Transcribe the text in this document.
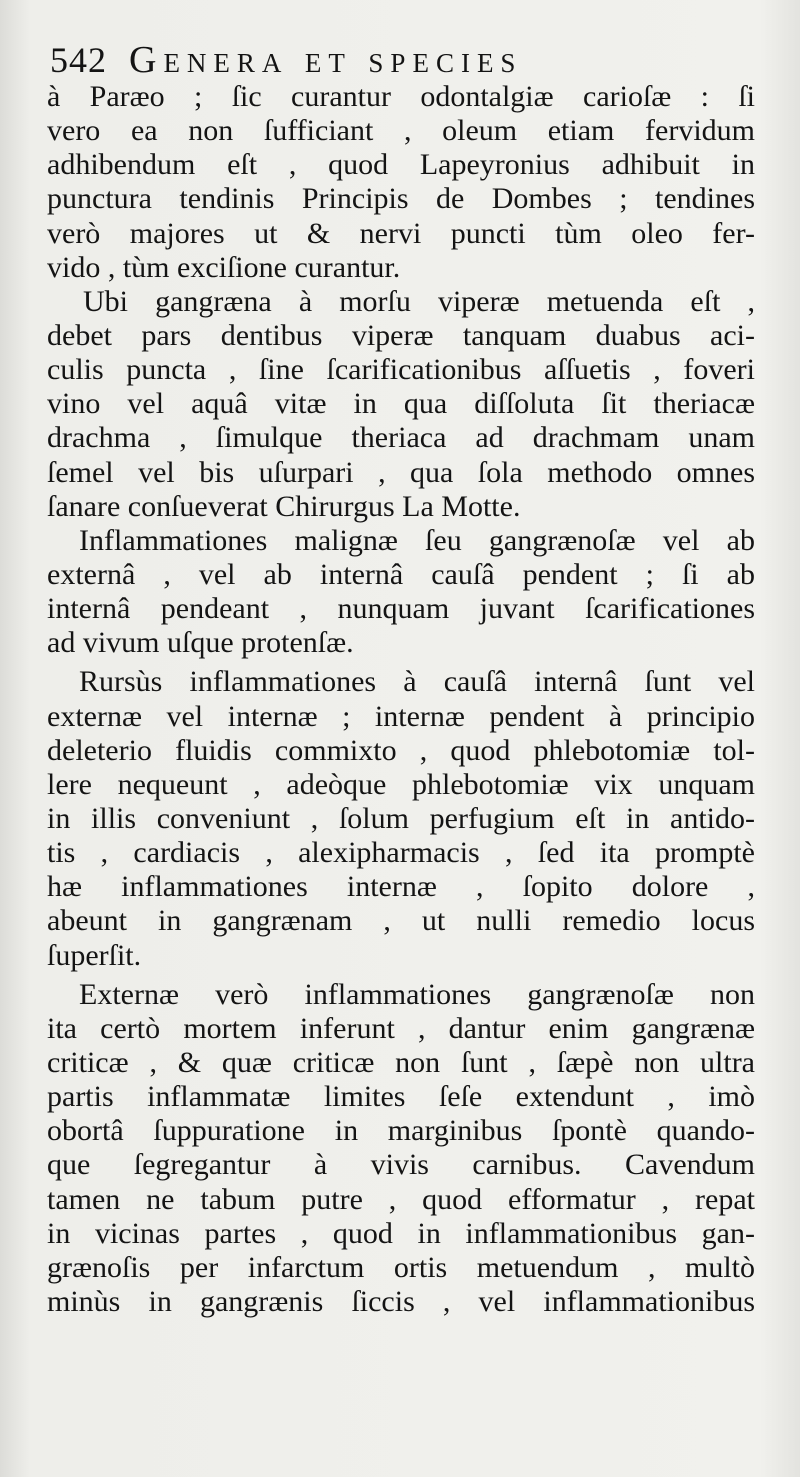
542 Genera et species
à Paræo ; ſic curantur odontalgiæ carioſæ : ſi
vero ea non ſufficiant , oleum etiam fervidum
adhibendum eſt , quod Lapeyronius adhibuit in
punctura tendinis Principis de Dombes ; tendines
verò majores ut & nervi puncti tùm oleo fer-
vido , tùm exciſione curantur.
Ubi gangræna à morſu viperæ metuenda eſt ,
debet pars dentibus viperæ tanquam duabus aci-
culis puncta , ſine ſcarificationibus aſſuetis , foveri
vino vel aquâ vitæ in qua diſſoluta ſit theriacæ
drachma , ſimulque theriaca ad drachmam unam
ſemel vel bis uſurpari , qua ſola methodo omnes
ſanare conſueverat Chirurgus La Motte.
Inflammationes malignæ ſeu gangrænoſæ vel ab
externâ , vel ab internâ cauſâ pendent ; ſi ab
internâ pendeant , nunquam juvant ſcarificationes
ad vivum uſque protenſæ.
Rursùs inflammationes à cauſâ internâ ſunt vel
externæ vel internæ ; internæ pendent à principio
deleterio fluidis commixto , quod phlebotomiæ tol-
lere nequeunt , adeòque phlebotomiæ vix unquam
in illis conveniunt , ſolum perfugium eſt in antido-
tis , cardiacis , alexipharmacis , ſed ita promptè
hæ inflammationes internæ , ſopito dolore ,
abeunt in gangrænam , ut nulli remedio locus
ſuperſit.
Externæ verò inflammationes gangrænoſæ non
ita certò mortem inferunt , dantur enim gangrænæ
criticæ , & quæ criticæ non ſunt , ſæpè non ultra
partis inflammatæ limites ſeſe extendunt , imò
obortâ ſuppuratione in marginibus ſpontè quando-
que ſegregantur à vivis carnibus. Cavendum
tamen ne tabum putre , quod efformatur , repat
in vicinas partes , quod in inflammationibus gan-
grænoſis per infarctum ortis metuendum , multò
minùs in gangrænis ſiccis , vel inflammationibus
